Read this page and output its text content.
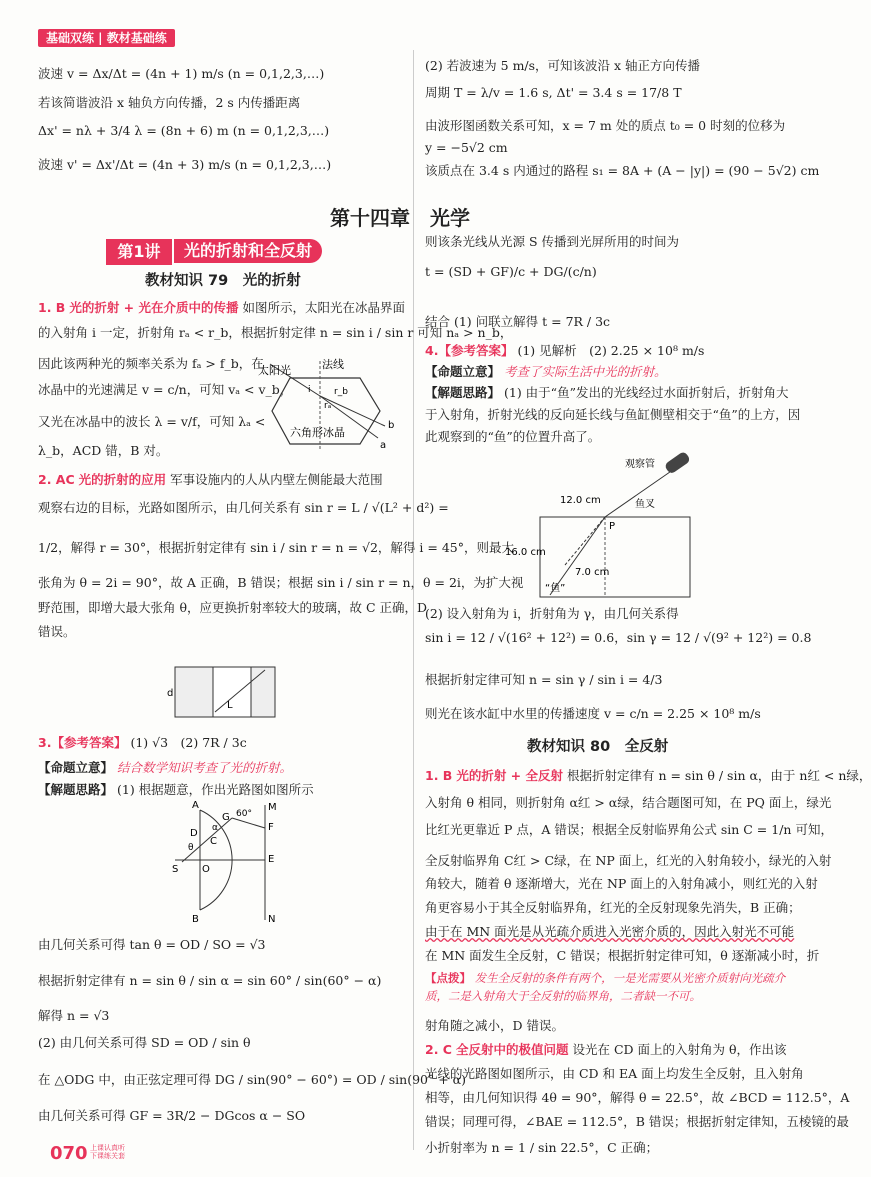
基础双练 | 教材基础练
波速 v = Δx/Δt = (4n + 1) m/s (n = 0,1,2,3,…)
若该简谐波沿 x 轴负方向传播，2 s 内传播距离
Δx' = nλ + 3/4 λ = (8n + 6) m (n = 0,1,2,3,…)
波速 v' = Δx'/Δt = (4n + 3) m/s (n = 0,1,2,3,…)
(2) 若波速为 5 m/s，可知该波沿 x 轴正方向传播
周期 T = λ/v = 1.6 s, Δt' = 3.4 s = 17/8 T
由波形图函数关系可知，x = 7 m 处的质点 t₀ = 0 时刻的位移为
y = −5√2 cm
该质点在 3.4 s 内通过的路程 s₁ = 8A + (A − |y|) = (90 − 5√2) cm
第十四章　光学
第1讲	光的折射和全反射
教材知识 79　光的折射
1. B 光的折射 + 光在介质中的传播 如图所示，太阳光在冰晶界面
的入射角 i 一定，折射角 rₐ < r_b，根据折射定律 n = sin i / sin r 可知 nₐ > n_b，
因此该两种光的频率关系为 fₐ > f_b，在
冰晶中的光速满足 v = c/n，可知 vₐ < v_b，
又光在冰晶中的波长 λ = v/f，可知 λₐ <
λ_b，ACD 错，B 对。
太阳光	法线
六角形冰晶
b
a
r_b
rₐ
i
2. AC 光的折射的应用 军事设施内的人从内壁左侧能最大范围
观察右边的目标，光路如图所示，由几何关系有 sin r = L / √(L² + d²) =
1/2，解得 r = 30°，根据折射定律有 sin i / sin r = n = √2，解得 i = 45°，则最大
张角为 θ = 2i = 90°，故 A 正确，B 错误；根据 sin i / sin r = n，θ = 2i，为扩大视
野范围，即增大最大张角 θ，应更换折射率较大的玻璃，故 C 正确，D
错误。
d
L
3.【参考答案】 (1) √3　(2) 7R / 3c
【命题立意】 结合数学知识考查了光的折射。
【解题思路】 (1) 根据题意，作出光路图如图所示
A
B
G
D
C
M
F
E
N
O
S
θ
α
60°
由几何关系可得 tan θ = OD / SO = √3
根据折射定律有 n = sin θ / sin α = sin 60° / sin(60° − α)
解得 n = √3
(2) 由几何关系可得 SD = OD / sin θ
在 △ODG 中，由正弦定理可得 DG / sin(90° − 60°) = OD / sin(90° + α)
由几何关系可得 GF = 3R/2 − DGcos α − SO
则该条光线从光源 S 传播到光屏所用的时间为
t = (SD + GF)/c + DG/(c/n)
结合 (1) 问联立解得 t = 7R / 3c
4.【参考答案】 (1) 见解析　(2) 2.25 × 10⁸ m/s
【命题立意】 考查了实际生活中光的折射。
【解题思路】 (1) 由于“鱼”发出的光线经过水面折射后，折射角大
于入射角，折射光线的反向延长线与鱼缸侧壁相交于“鱼”的上方，因
此观察到的“鱼”的位置升高了。
观察管
鱼叉
12.0 cm
16.0 cm
7.0 cm
P
“鱼”
(2) 设入射角为 i，折射角为 γ，由几何关系得
sin i = 12 / √(16² + 12²) = 0.6，sin γ = 12 / √(9² + 12²) = 0.8
根据折射定律可知 n = sin γ / sin i = 4/3
则光在该水缸中水里的传播速度 v = c/n = 2.25 × 10⁸ m/s
教材知识 80　全反射
1. B 光的折射 + 全反射 根据折射定律有 n = sin θ / sin α，由于 n红 < n绿，
入射角 θ 相同，则折射角 α红 > α绿，结合题图可知，在 PQ 面上，绿光
比红光更靠近 P 点，A 错误；根据全反射临界角公式 sin C = 1/n 可知，
全反射临界角 C红 > C绿，在 NP 面上，红光的入射角较小，绿光的入射
角较大，随着 θ 逐渐增大，光在 NP 面上的入射角减小，则红光的入射
角更容易小于其全反射临界角，红光的全反射现象先消失，B 正确；
由于在 MN 面光是从光疏介质进入光密介质的，因此入射光不可能
在 MN 面发生全反射，C 错误；根据折射定律可知，θ 逐渐减小时，折
【点拨】 发生全反射的条件有两个，一是光需要从光密介质射向光疏介质，二是入射角大于全反射的临界角，二者缺一不可。
射角随之减小，D 错误。
2. C 全反射中的极值问题 设光在 CD 面上的入射角为 θ，作出该
光线的光路图如图所示，由 CD 和 EA 面上均发生全反射，且入射角
相等，由几何知识得 4θ = 90°，解得 θ = 22.5°，故 ∠BCD = 112.5°，A
错误；同理可得，∠BAE = 112.5°，B 错误；根据折射定律知，五棱镜的最
小折射率为 n = 1 / sin 22.5°，C 正确；
070 上课认真听
下课练关套
